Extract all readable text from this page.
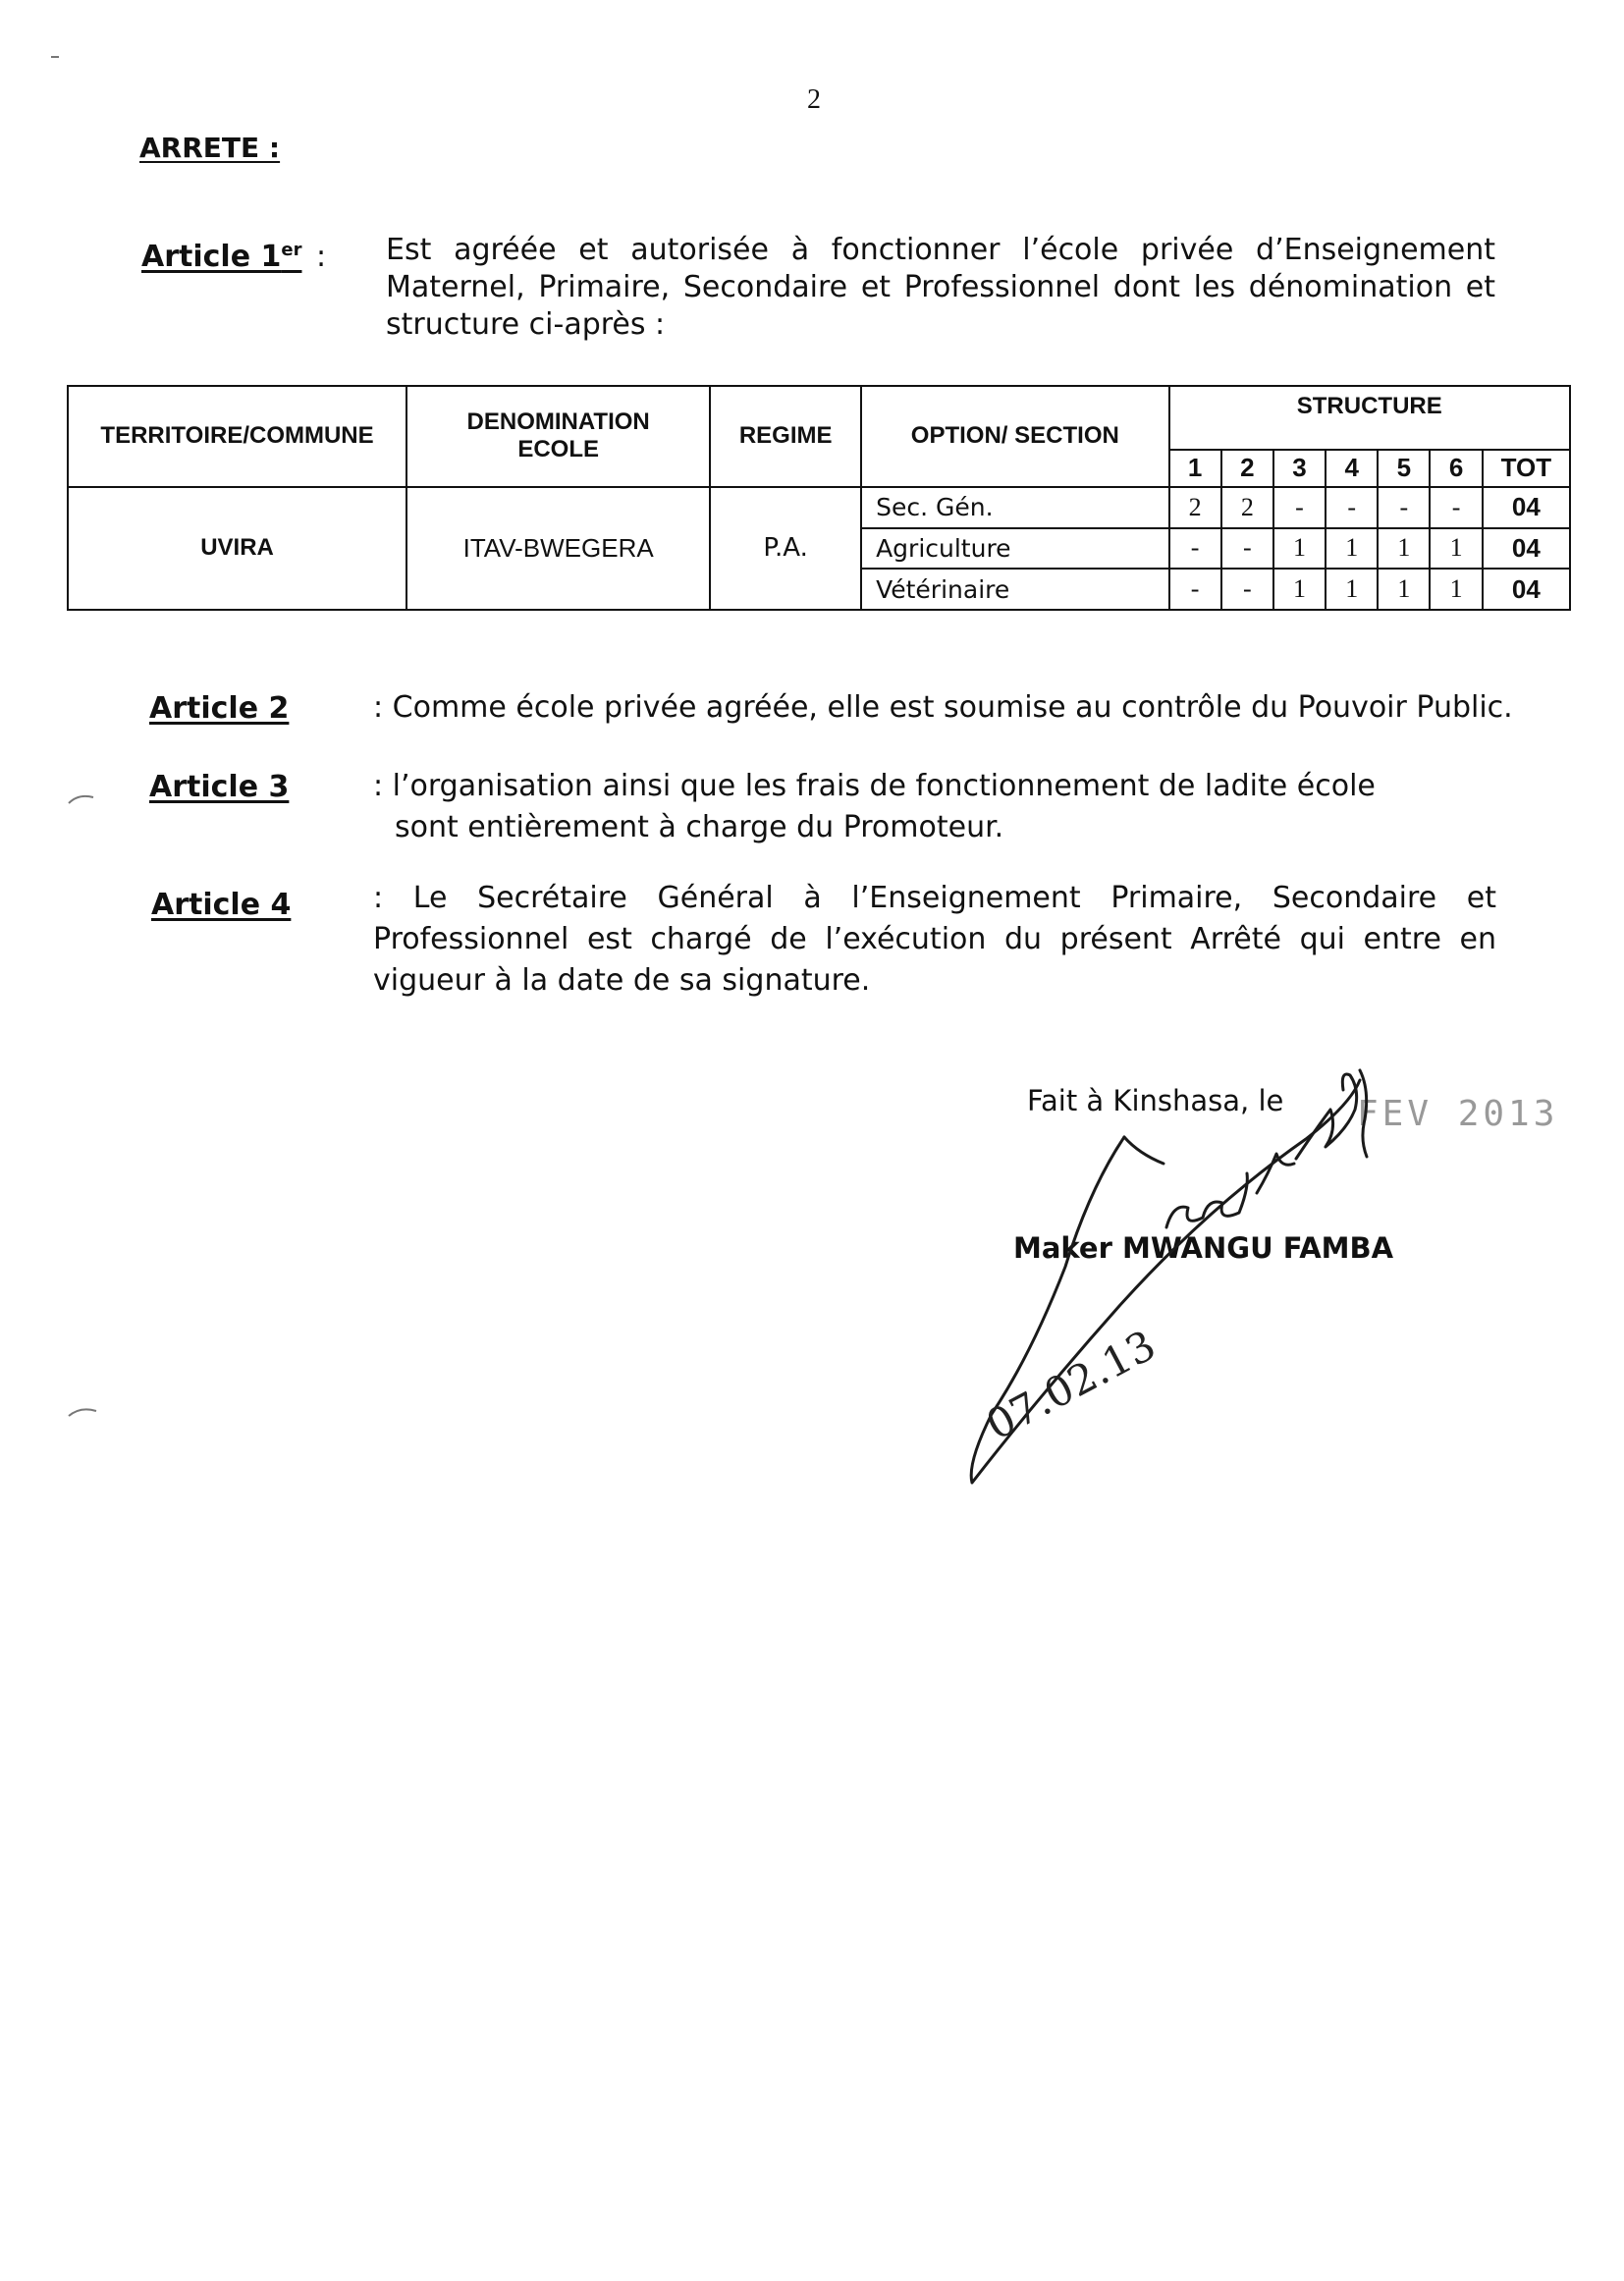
2
ARRETE :
Article 1er : Est agréée et autorisée à fonctionner l’école privée d’Enseignement Maternel, Primaire, Secondaire et Professionnel dont les dénomination et structure ci-après :
TERRITOIRE/COMMUNE	DENOMINATION ECOLE	REGIME	OPTION/ SECTION	STRUCTURE						
				1	2	3	4	5	6	TOT
UVIRA	ITAV-BWEGERA	P.A.	Sec. Gén.	2	2	-	-	-	-	04
			Agriculture	-	-	1	1	1	1	04
			Vétérinaire	-	-	1	1	1	1	04
Article 2	: Comme école privée agréée, elle est soumise au contrôle du Pouvoir Public.
Article 3	: l’organisation ainsi que les frais de fonctionnement de ladite école
sont entièrement à charge du Promoteur.
Article 4	: Le Secrétaire Général à l’Enseignement Primaire, Secondaire et Professionnel est chargé de l’exécution du présent Arrêté qui entre en vigueur à la date de sa signature.
Fait à Kinshasa, le FEV 2013
Maker MWANGU FAMBA
07.02.13
